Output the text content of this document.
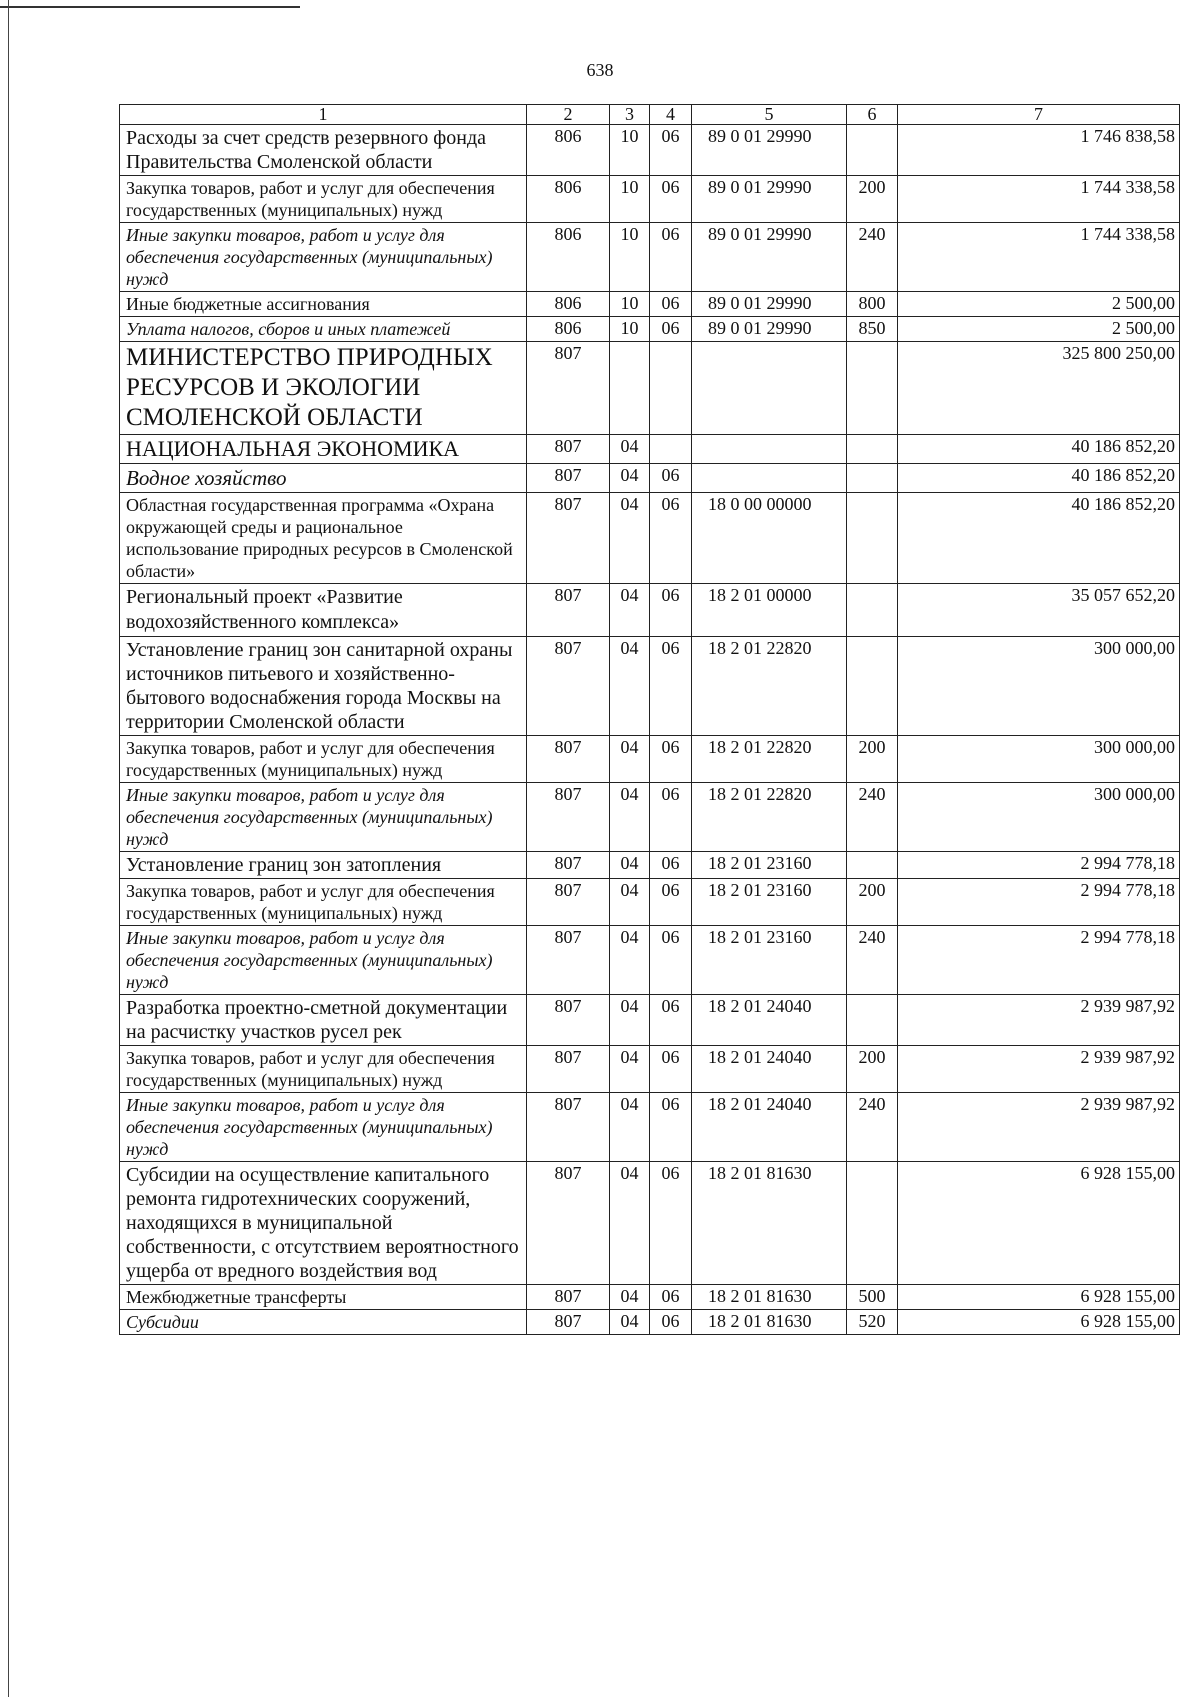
638
1	2	3	4	5	6	7
Расходы за счет средств резервного фонда Правительства Смоленской области	806	10	06	89 0 01 29990		1 746 838,58
Закупка товаров, работ и услуг для обеспечения государственных (муниципальных) нужд	806	10	06	89 0 01 29990	200	1 744 338,58
Иные закупки товаров, работ и услуг для обеспечения государственных (муниципальных) нужд	806	10	06	89 0 01 29990	240	1 744 338,58
Иные бюджетные ассигнования	806	10	06	89 0 01 29990	800	2 500,00
Уплата налогов, сборов и иных платежей	806	10	06	89 0 01 29990	850	2 500,00
МИНИСТЕРСТВО ПРИРОДНЫХ РЕСУРСОВ И ЭКОЛОГИИ СМОЛЕНСКОЙ ОБЛАСТИ	807					325 800 250,00
НАЦИОНАЛЬНАЯ ЭКОНОМИКА	807	04				40 186 852,20
Водное хозяйство	807	04	06			40 186 852,20
Областная государственная программа «Охрана окружающей среды и рациональное использование природных ресурсов в Смоленской области»	807	04	06	18 0 00 00000		40 186 852,20
Региональный проект «Развитие водохозяйственного комплекса»	807	04	06	18 2 01 00000		35 057 652,20
Установление границ зон санитарной охраны источников питьевого и хозяйственно-бытового водоснабжения города Москвы на территории Смоленской области	807	04	06	18 2 01 22820		300 000,00
Закупка товаров, работ и услуг для обеспечения государственных (муниципальных) нужд	807	04	06	18 2 01 22820	200	300 000,00
Иные закупки товаров, работ и услуг для обеспечения государственных (муниципальных) нужд	807	04	06	18 2 01 22820	240	300 000,00
Установление границ зон затопления	807	04	06	18 2 01 23160		2 994 778,18
Закупка товаров, работ и услуг для обеспечения государственных (муниципальных) нужд	807	04	06	18 2 01 23160	200	2 994 778,18
Иные закупки товаров, работ и услуг для обеспечения государственных (муниципальных) нужд	807	04	06	18 2 01 23160	240	2 994 778,18
Разработка проектно-сметной документации на расчистку участков русел рек	807	04	06	18 2 01 24040		2 939 987,92
Закупка товаров, работ и услуг для обеспечения государственных (муниципальных) нужд	807	04	06	18 2 01 24040	200	2 939 987,92
Иные закупки товаров, работ и услуг для обеспечения государственных (муниципальных) нужд	807	04	06	18 2 01 24040	240	2 939 987,92
Субсидии на осуществление капитального ремонта гидротехнических сооружений, находящихся в муниципальной собственности, с отсутствием вероятностного ущерба от вредного воздействия вод	807	04	06	18 2 01 81630		6 928 155,00
Межбюджетные трансферты	807	04	06	18 2 01 81630	500	6 928 155,00
Субсидии	807	04	06	18 2 01 81630	520	6 928 155,00
